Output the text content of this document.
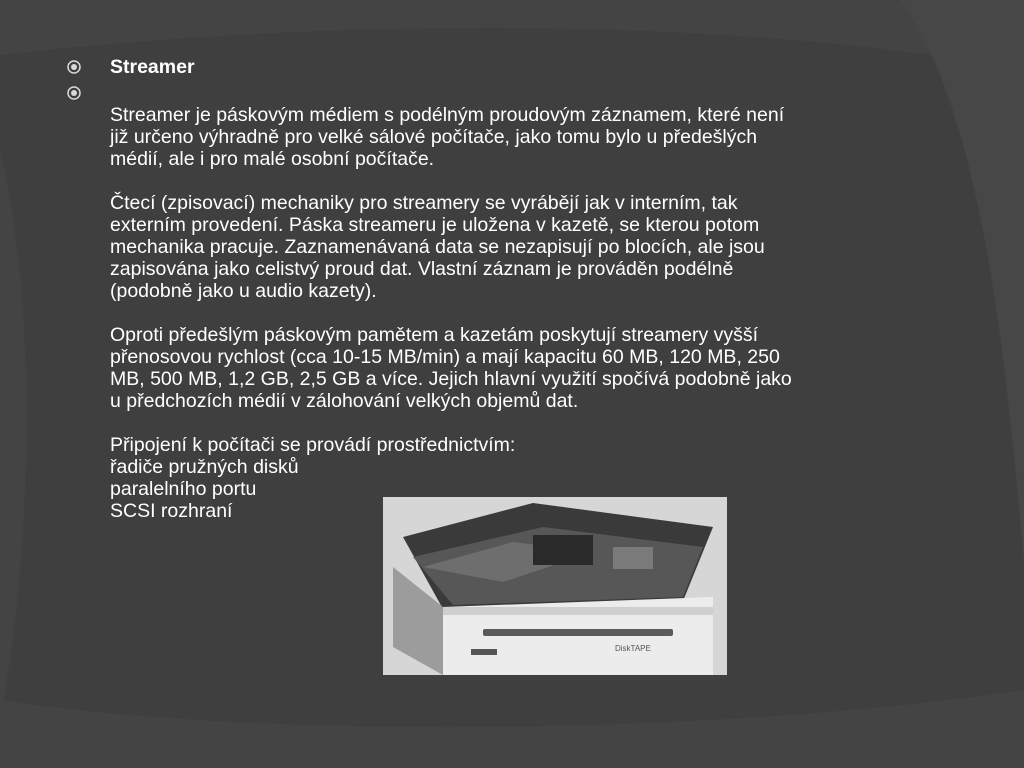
Streamer
Streamer je páskovým médiem s podélným proudovým záznamem, které není
již určeno výhradně pro velké sálové počítače, jako tomu bylo u předešlých
médií, ale i pro malé osobní počítače.
Čtecí (zpisovací) mechaniky pro streamery se vyrábějí jak v interním, tak
externím provedení. Páska streameru je uložena v kazetě, se kterou potom
mechanika pracuje. Zaznamenávaná data se nezapisují po blocích, ale jsou
zapisována jako celistvý proud dat. Vlastní záznam je prováděn podélně
(podobně jako u audio kazety).
Oproti předešlým páskovým pamětem a kazetám poskytují streamery vyšší
přenosovou rychlost (cca 10-15 MB/min) a mají kapacitu 60 MB, 120 MB, 250
MB, 500 MB, 1,2 GB, 2,5 GB a více. Jejich hlavní využití spočívá podobně jako
u předchozích médií v zálohování velkých objemů dat.
Připojení k počítači se provádí prostřednictvím:
řadiče pružných disků
paralelního portu
SCSI rozhraní
DiskTAPE
